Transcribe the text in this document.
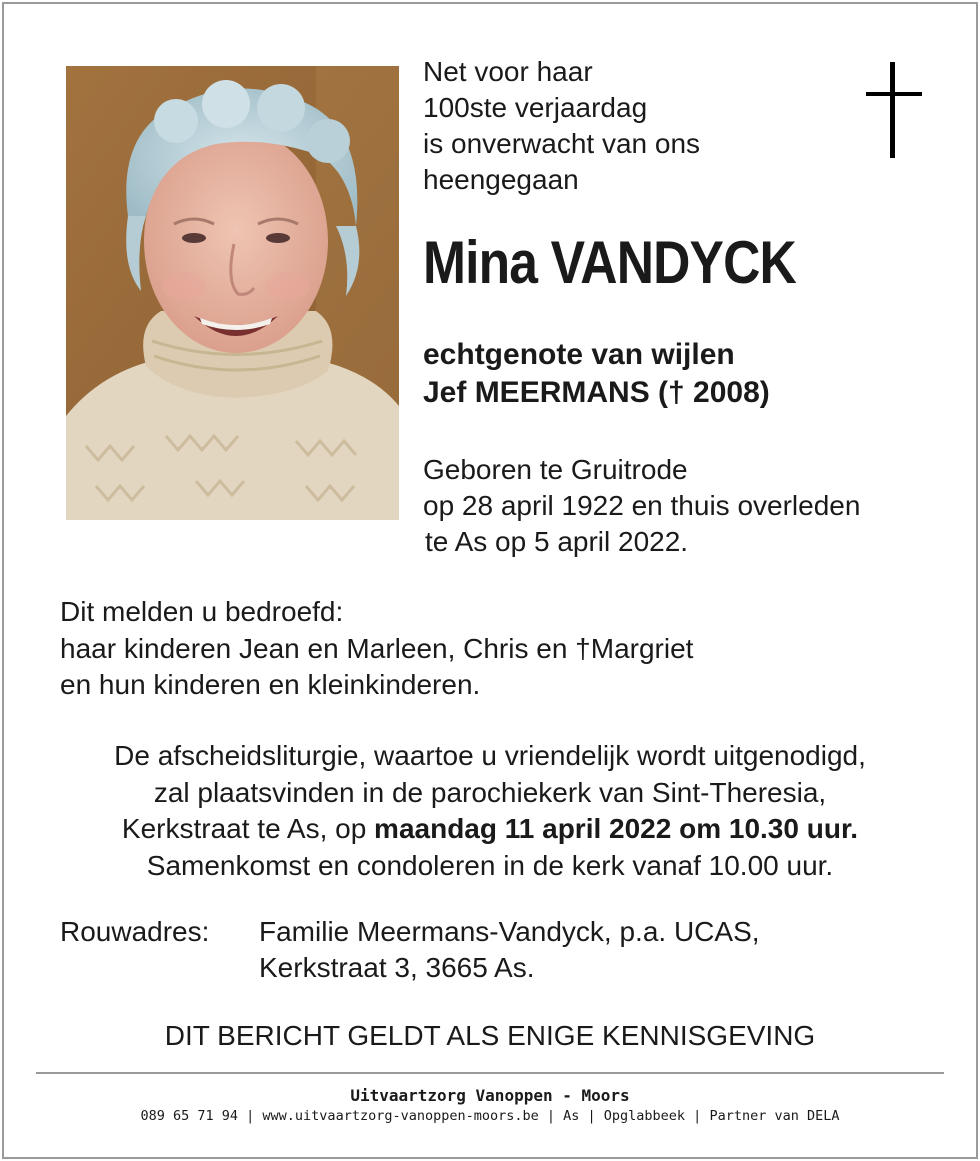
Net voor haar
100ste verjaardag
is onverwacht van ons
heengegaan
Mina VANDYCK
echtgenote van wijlen
Jef MEERMANS († 2008)
Geboren te Gruitrode
op 28 april 1922 en thuis overleden
te As op 5 april 2022.
Dit melden u bedroefd:
haar kinderen Jean en Marleen, Chris en †Margriet
en hun kinderen en kleinkinderen.
De afscheidsliturgie, waartoe u vriendelijk wordt uitgenodigd,
zal plaatsvinden in de parochiekerk van Sint-Theresia,
Kerkstraat te As, op maandag 11 april 2022 om 10.30 uur.
Samenkomst en condoleren in de kerk vanaf 10.00 uur.
Rouwadres: Familie Meermans-Vandyck, p.a. UCAS,
Kerkstraat 3, 3665 As.
DIT BERICHT GELDT ALS ENIGE KENNISGEVING
Uitvaartzorg Vanoppen - Moors
089 65 71 94 | www.uitvaartzorg-vanoppen-moors.be | As | Opglabbeek | Partner van DELA
